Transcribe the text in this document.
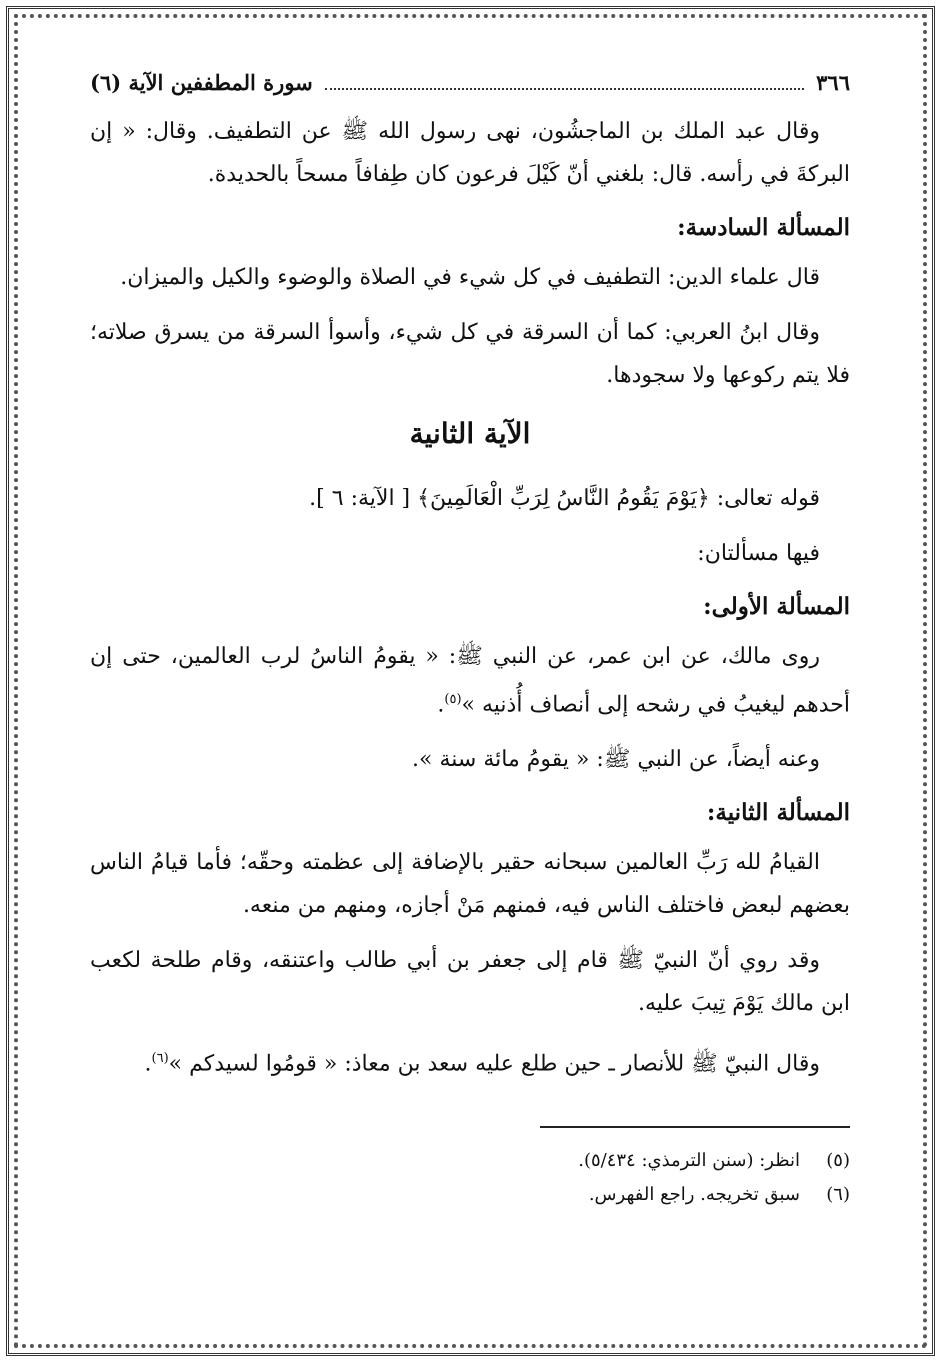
٣٦٦
سورة المطففين الآية (٦)

وقال عبد الملك بن الماجشُون، نهى رسول الله ﷺ عن التطفيف. وقال: « إن البركةَ في رأسه. قال: بلغني أنّ كَيْلَ فرعون كان طِفافاً مسحاً بالحديدة.

المسألة السادسة:

قال علماء الدين: التطفيف في كل شيء في الصلاة والوضوء والكيل والميزان.

وقال ابنُ العربي: كما أن السرقة في كل شيء، وأسوأ السرقة من يسرق صلاته؛ فلا يتم ركوعها ولا سجودها.

الآية الثانية

قوله تعالى: ﴿يَوْمَ يَقُومُ النَّاسُ لِرَبِّ الْعَالَمِينَ﴾ [ الآية: ٦ ].

فيها مسألتان:

المسألة الأولى:

روى مالك، عن ابن عمر، عن النبي ﷺ: « يقومُ الناسُ لرب العالمين، حتى إن أحدهم ليغيبُ في رشحه إلى أنصاف أُذنيه »$^{(٥)}$.

وعنه أيضاً، عن النبي ﷺ: « يقومُ مائة سنة ».

المسألة الثانية:

القيامُ لله رَبِّ العالمين سبحانه حقير بالإضافة إلى عظمته وحقّه؛ فأما قيامُ الناس بعضهم لبعض فاختلف الناس فيه، فمنهم مَنْ أجازه، ومنهم من منعه.

وقد روي أنّ النبيّ ﷺ قام إلى جعفر بن أبي طالب واعتنقه، وقام طلحة لكعب ابن مالك يَوْمَ تِيبَ عليه.

وقال النبيّ ﷺ للأنصار ـ حين طلع عليه سعد بن معاذ: « قومُوا لسيدكم »$^{(٦)}$.

(٥)
انظر: (سنن الترمذي: ٥/٤٣٤).
(٦)
سبق تخريجه. راجع الفهرس.
